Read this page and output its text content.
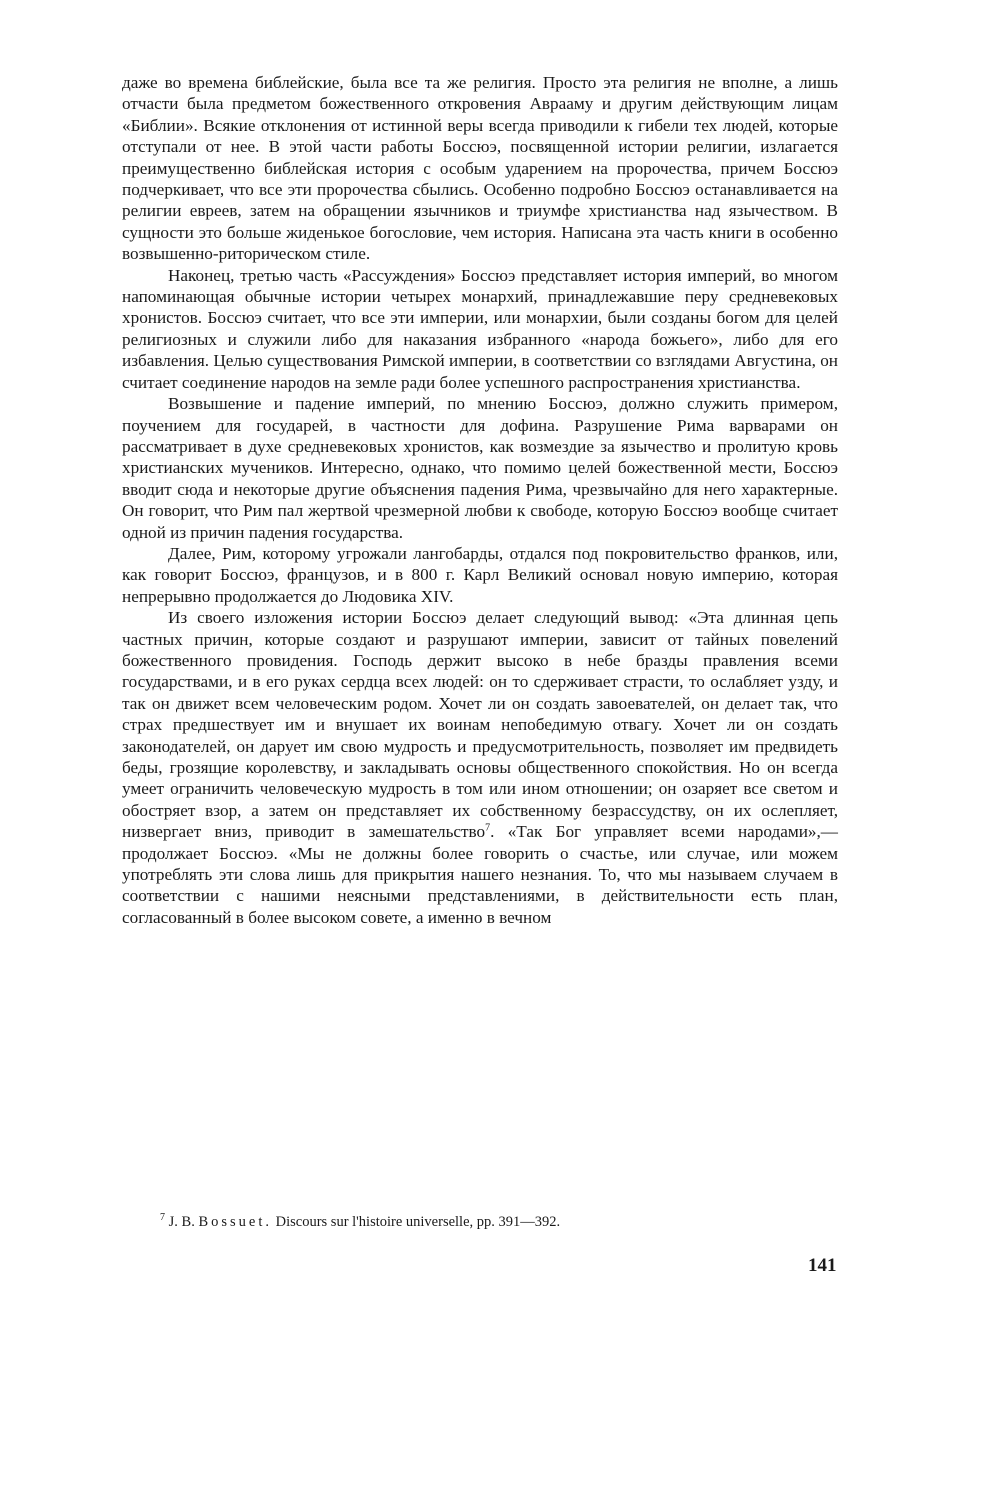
даже во времена библейские, была все та же религия. Просто эта религия не вполне, а лишь отчасти была предметом божественного откровения Аврааму и другим действующим лицам «Библии». Всякие отклонения от истинной веры всегда приводили к гибели тех людей, которые отступали от нее. В этой части работы Боссюэ, посвященной истории религии, излагается преимущественно библейская история с особым ударением на пророчества, причем Боссюэ подчеркивает, что все эти пророчества сбылись. Особенно подробно Боссюэ останавливается на религии евреев, затем на обращении язычников и триумфе христианства над язычеством. В сущности это больше жиденькое богословие, чем история. Написана эта часть книги в особенно возвышенно-риторическом стиле.

Наконец, третью часть «Рассуждения» Боссюэ представляет история империй, во многом напоминающая обычные истории четырех монархий, принадлежавшие перу средневековых хронистов. Боссюэ считает, что все эти империи, или монархии, были созданы богом для целей религиозных и служили либо для наказания избранного «народа божьего», либо для его избавления. Целью существования Римской империи, в соответствии со взглядами Августина, он считает соединение народов на земле ради более успешного распространения христианства.

Возвышение и падение империй, по мнению Боссюэ, должно служить примером, поучением для государей, в частности для дофина. Разрушение Рима варварами он рассматривает в духе средневековых хронистов, как возмездие за язычество и пролитую кровь христианских мучеников. Интересно, однако, что помимо целей божественной мести, Боссюэ вводит сюда и некоторые другие объяснения падения Рима, чрезвычайно для него характерные. Он говорит, что Рим пал жертвой чрезмерной любви к свободе, которую Боссюэ вообще считает одной из причин падения государства.

Далее, Рим, которому угрожали лангобарды, отдался под покровительство франков, или, как говорит Боссюэ, французов, и в 800 г. Карл Великий основал новую империю, которая непрерывно продолжается до Людовика XIV.

Из своего изложения истории Боссюэ делает следующий вывод: «Эта длинная цепь частных причин, которые создают и разрушают империи, зависит от тайных повелений божественного провидения. Господь держит высоко в небе бразды правления всеми государствами, и в его руках сердца всех людей: он то сдерживает страсти, то ослабляет узду, и так он движет всем человеческим родом. Хочет ли он создать завоевателей, он делает так, что страх предшествует им и внушает их воинам непобедимую отвагу. Хочет ли он создать законодателей, он дарует им свою мудрость и предусмотрительность, позволяет им предвидеть беды, грозящие королевству, и закладывать основы общественного спокойствия. Но он всегда умеет ограничить человеческую мудрость в том или ином отношении; он озаряет все светом и обостряет взор, а затем он представляет их собственному безрассудству, он их ослепляет, низвергает вниз, приводит в замешательство$^7$. «Так Бог управляет всеми народами»,— продолжает Боссюэ. «Мы не должны более говорить о счастье, или случае, или можем употреблять эти слова лишь для прикрытия нашего незнания. То, что мы называем случаем в соответствии с нашими неясными представлениями, в действительности есть план, согласованный в более высоком совете, а именно в вечном

$^7$ J. B. Bossuet. Discours sur l'histoire universelle, pp. 391—392.
141
